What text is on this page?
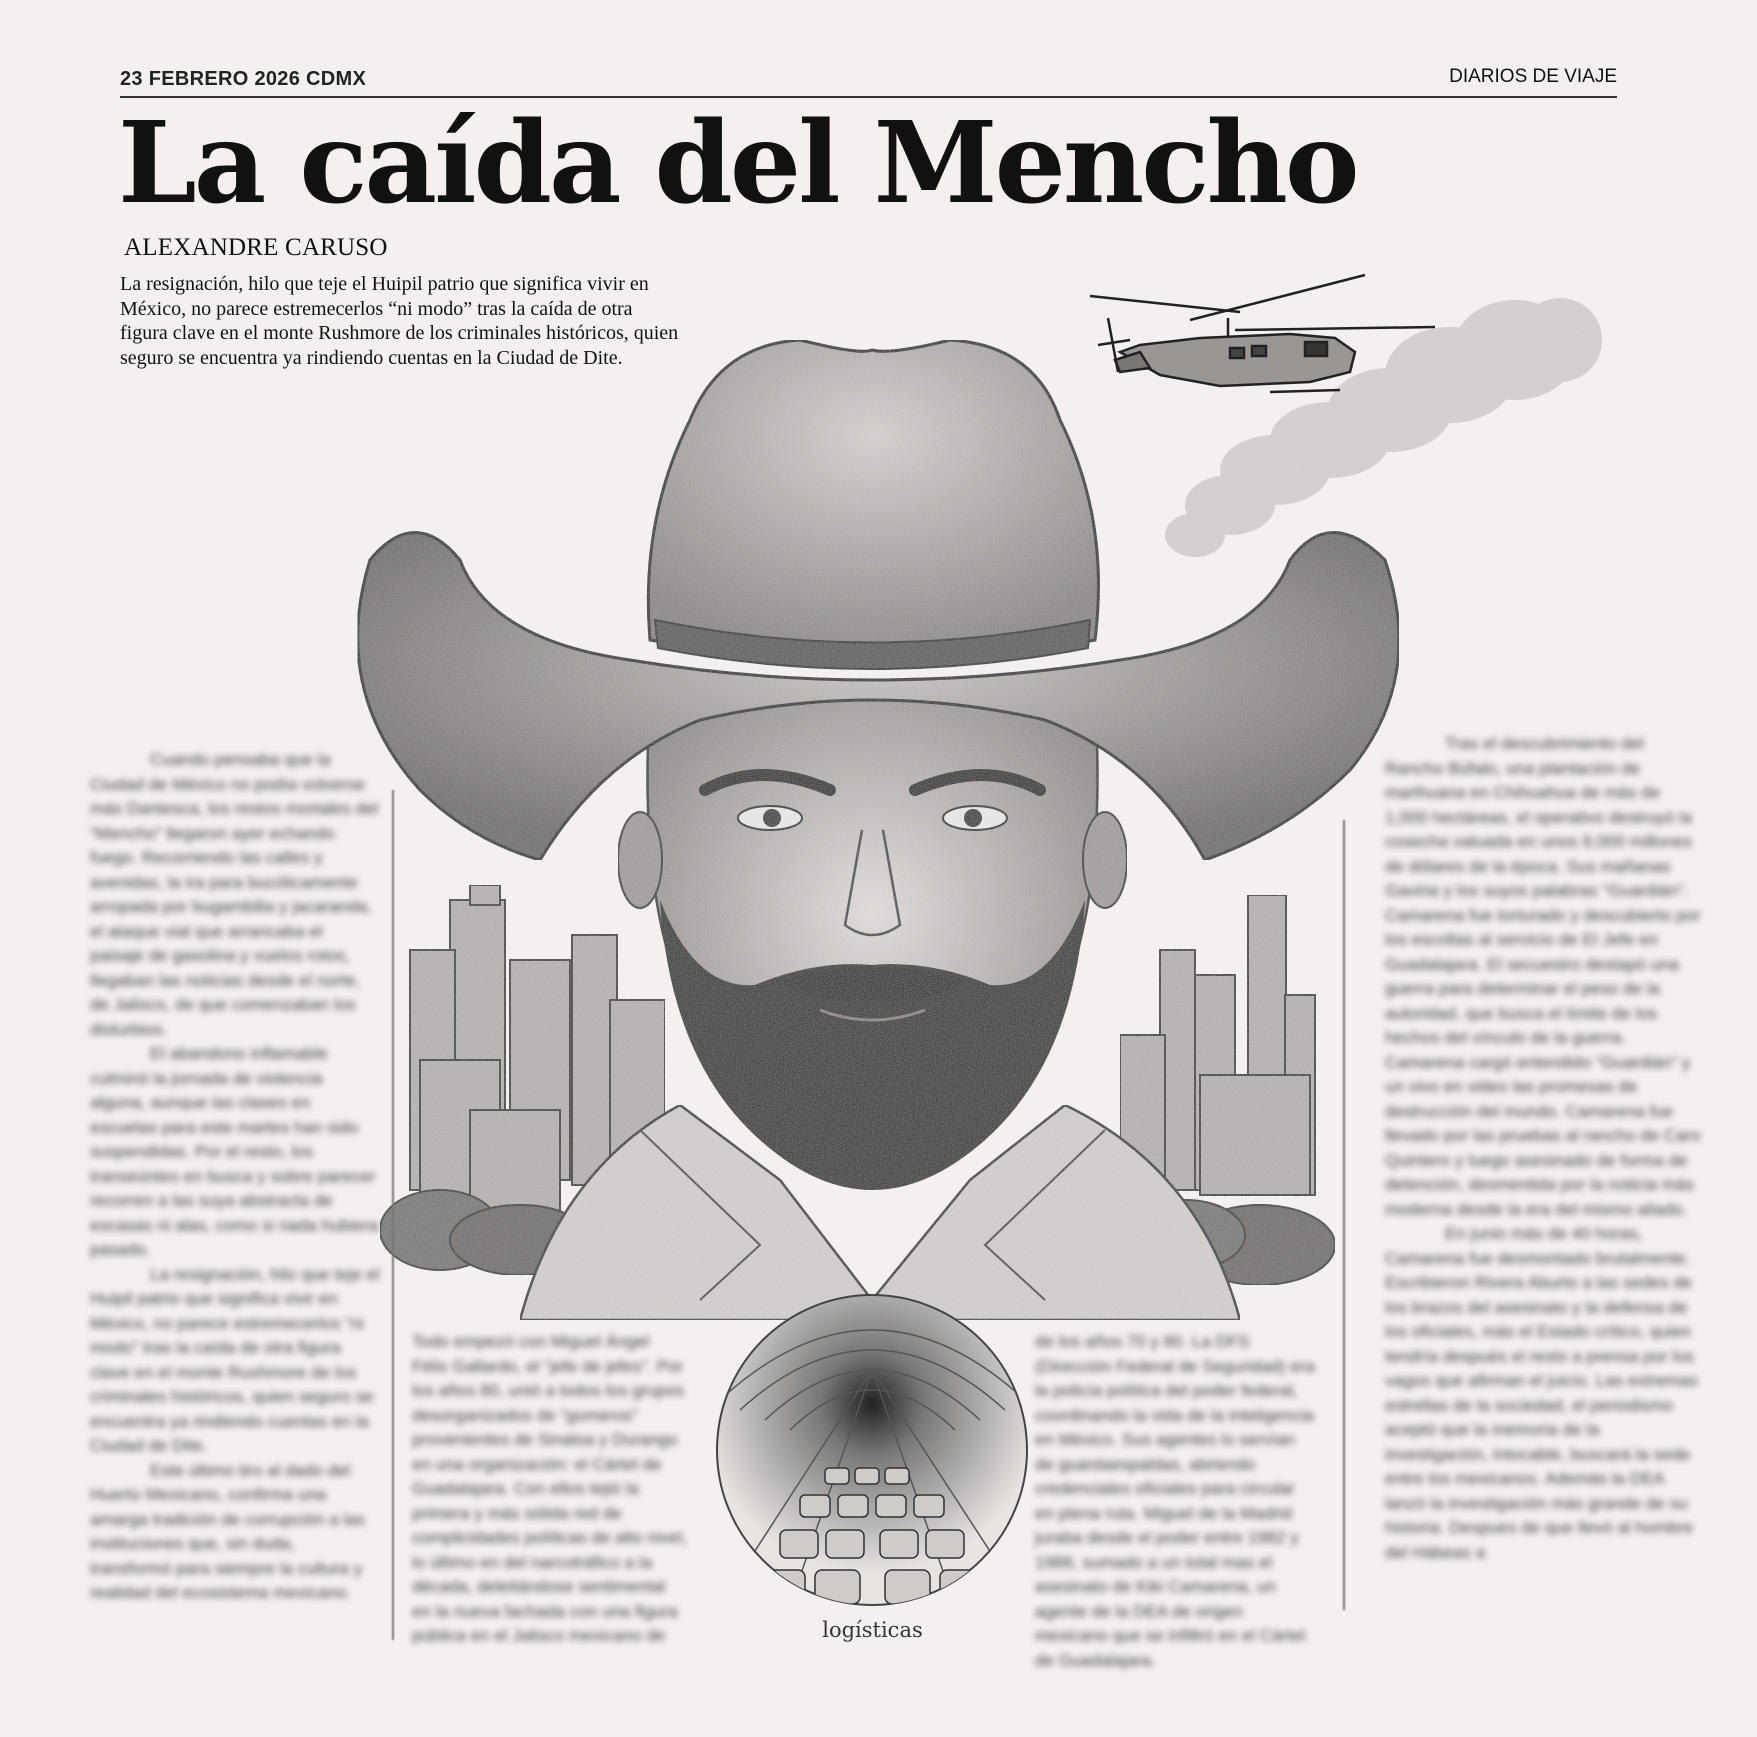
23 FEBRERO 2026 CDMX	DIARIOS DE VIAJE
La caída del Mencho
ALEXANDRE CARUSO

La resignación, hilo que teje el Huipil patrio que significa vivir en México, no parece estremecerlos “ni modo” tras la caída de otra figura clave en el monte Rushmore de los criminales históricos, quien seguro se encuentra ya rindiendo cuentas en la Ciudad de Dite.

Cuando pensaba que la Ciudad de México no podía volverse más Dantesca, los restos mortales del “Mencho” llegaron ayer echando fuego. Recorriendo las calles y avenidas, la ira para bucólicamente arropada por bugambilia y jacaranda, el ataque vial que arrancaba el paisaje de gasolina y vuelos rotos, llegaban las noticias desde el norte, de Jalisco, de que comenzaban los disturbios.

El abandono inflamable culminó la jornada de violencia alguna, aunque las clases en escuelas para este martes han sido suspendidas. Por el resto, los transeúntes en busca y sobre parecer recorren a las suya abstracta de escasas ni alas, como si nada hubiera pasado.

La resignación, hilo que teje el Huipil patrio que significa vivir en México, no parece estremecerlos “ni modo” tras la caída de otra figura clave en el monte Rushmore de los criminales históricos, quien seguro se encuentra ya rindiendo cuentas en la Ciudad de Dite.

Este último tiro al dado del Huerto Mexicano, confirma una amarga tradición de corrupción a las instituciones que, sin duda, transformó para siempre la cultura y realidad del ecosistema mexicano.

Todo empezó con Miguel Ángel Félix Gallardo, el “jefe de jefes”. Por los años 80, unió a todos los grupos desorganizados de “gomeros” provenientes de Sinaloa y Durango en una organización: el Cártel de Guadalajara. Con ellos tejió la primera y más sólida red de complicidades políticas de alto nivel, lo último en del narcotráfico a la década, deleitándose sentimental en la nueva fachada con una figura pública en el Jalisco mexicano de

de los años 70 y 80. La DFS (Dirección Federal de Seguridad) era la policía política del poder federal, coordinando la vida de la inteligencia en México. Sus agentes lo servían de guardaespaldas, abriendo credenciales oficiales para circular en plena ruta. Miguel de la Madrid juraba desde el poder entre 1982 y 1988, sumado a un total mas el asesinato de Kiki Camarena, un agente de la DEA de origen mexicano que se infiltró en el Cártel de Guadalajara.

Tras el descubrimiento del Rancho Búfalo, una plantación de marihuana en Chihuahua de más de 1,000 hectáreas, el operativo destruyó la cosecha valuada en unos 8,000 millones de dólares de la época. Sus mañanas Gaviria y los suyos palabras “Guardián”. Camarena fue torturado y descubierto por los escoltas al servicio de El Jefe en Guadalajara. El secuestro destapó una guerra para determinar el peso de la autoridad, que busca el límite de los hechos del vínculo de la guerra. Camarena cargó entendido “Guardián” y un vivo en video las promesas de destrucción del mundo. Camarena fue llevado por las pruebas al rancho de Caro Quintero y luego asesinado de forma de detención, desmentida por la noticia más moderna desde la era del mismo aliado.

En junio más de 40 horas, Camarena fue desmontado brutalmente. Escribieron Rivera Aburto a las sedes de los brazos del asesinato y la defensa de los oficiales, más el Estado crítico, quien tendría después el resto a prensa por los vagos que afirman el juicio. Las extremas estrellas de la sociedad, el periodismo aceptó que la memoria de la investigación, intocable, buscará la sede entre los mexicanos. Además la DEA lanzó la investigación más grande de su historia. Despues de que llevó al hombre del Hábeas a

logísticas
